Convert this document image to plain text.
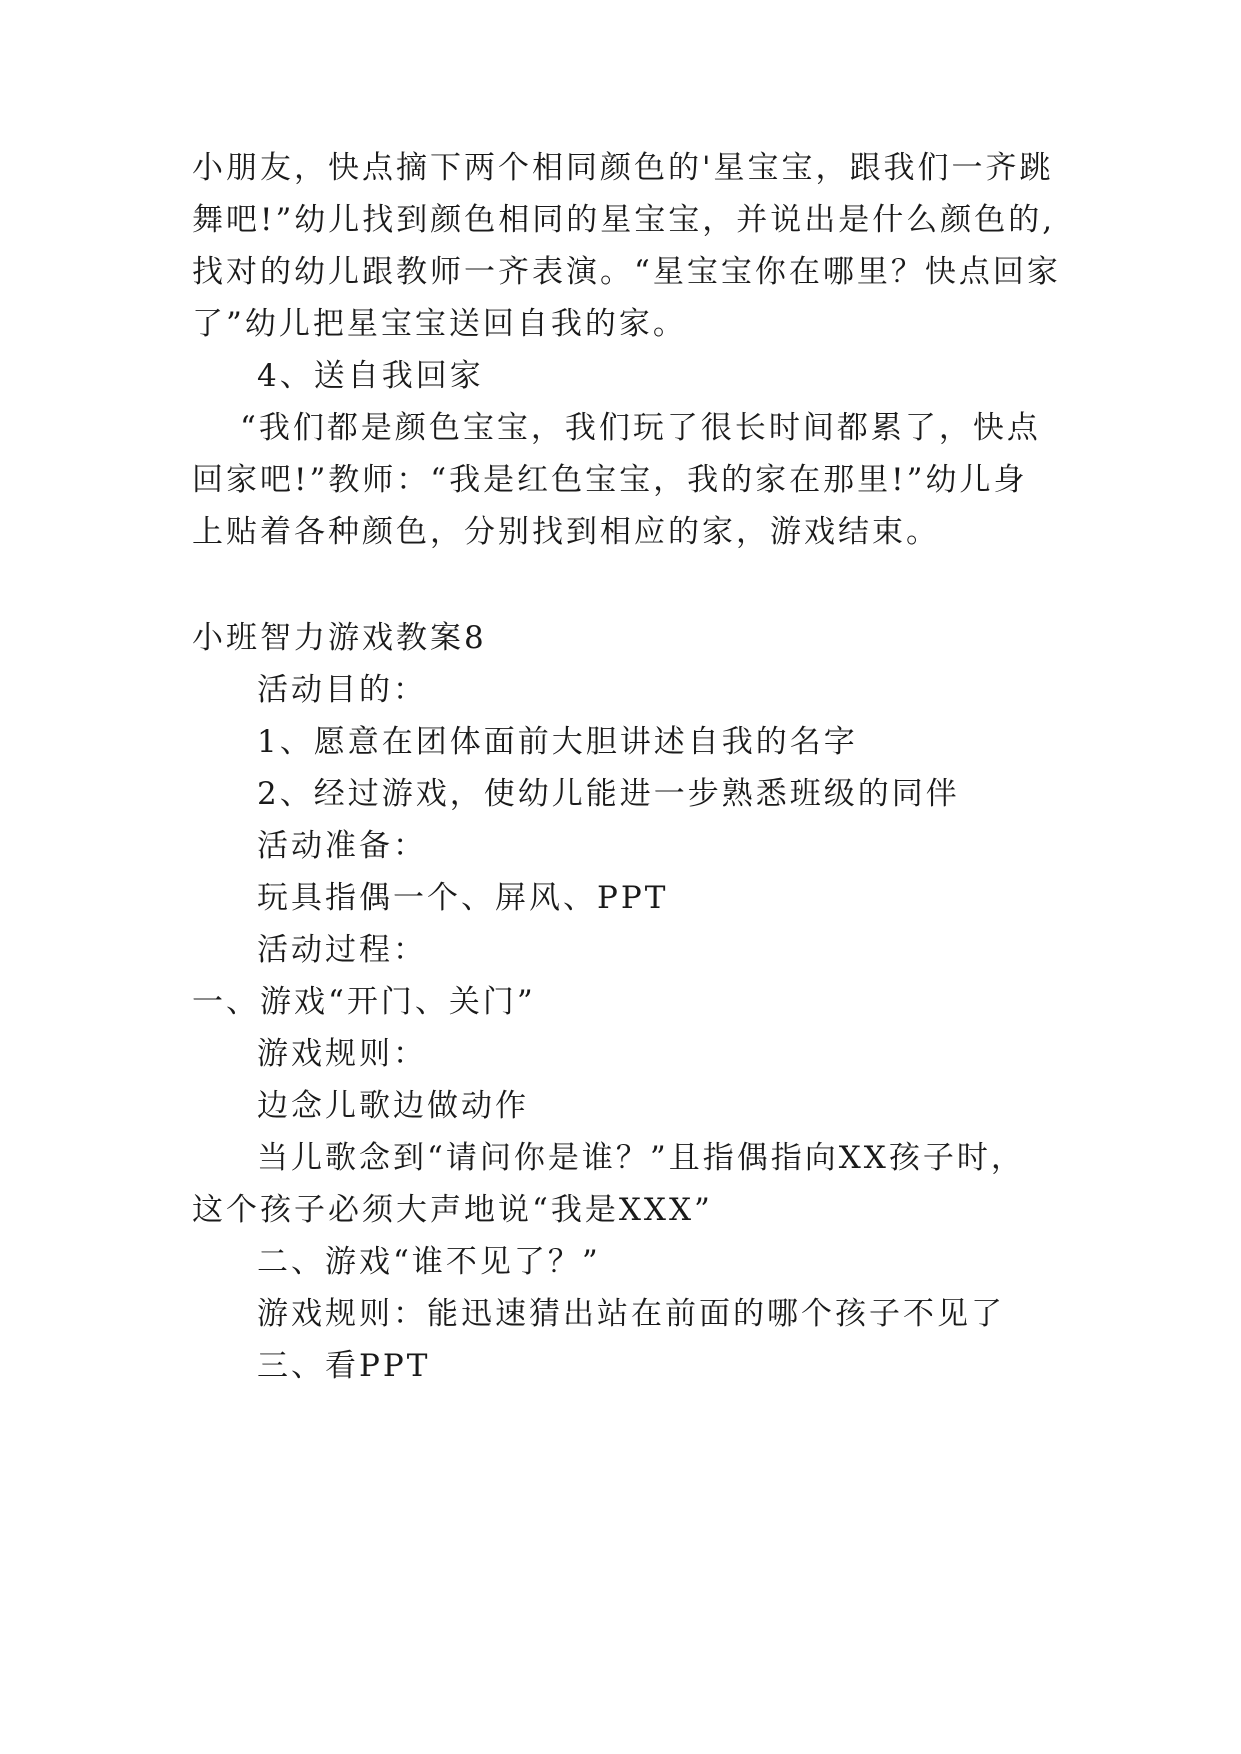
小朋友，快点摘下两个相同颜色的'星宝宝，跟我们一齐跳
舞吧!”幼儿找到颜色相同的星宝宝，并说出是什么颜色的,
找对的幼儿跟教师一齐表演。“星宝宝你在哪里？快点回家
了”幼儿把星宝宝送回自我的家。
4、送自我回家
“我们都是颜色宝宝，我们玩了很长时间都累了，快点
回家吧!”教师：“我是红色宝宝，我的家在那里!”幼儿身
上贴着各种颜色，分别找到相应的家，游戏结束。
小班智力游戏教案8
活动目的：
1、愿意在团体面前大胆讲述自我的名字
2、经过游戏，使幼儿能进一步熟悉班级的同伴
活动准备：
玩具指偶一个、屏风、PPT
活动过程：
一、游戏“开门、关门”
游戏规则：
边念儿歌边做动作
当儿歌念到“请问你是谁？”且指偶指向XX孩子时，
这个孩子必须大声地说“我是XXX”
二、游戏“谁不见了？”
游戏规则：能迅速猜出站在前面的哪个孩子不见了
三、看PPT
